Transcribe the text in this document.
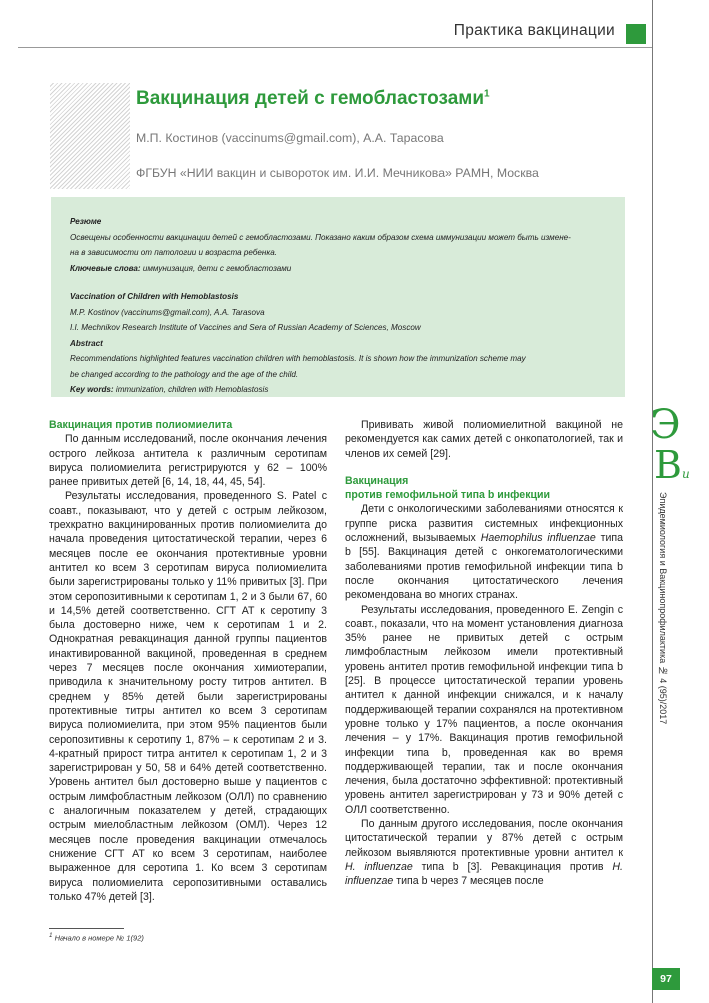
Практика вакцинации
Вакцинация детей с гемобластозами$^1$
М.П. Костинов (vaccinums@gmail.com), А.А. Тарасова
ФГБУН «НИИ вакцин и сывороток им. И.И. Мечникова» РАМН, Москва

Резюме

Освещены особенности вакцинации детей с гемобластозами. Показано каким образом схема иммунизации может быть измене-

на в зависимости от патологии и возраста ребенка.

Ключевые слова: иммунизация, дети с гемобластозами

Vaccination of Children with Hemoblastosis

M.P. Kostinov (vaccinums@gmail.com), A.A. Tarasova

I.I. Mechnikov Research Institute of Vaccines and Sera of Russian Academy of Sciences, Moscow

Abstract

Recommendations highlighted features vaccination children with hemoblastosis. It is shown how the immunization scheme may

be changed according to the pathology and the age of the child.

Key words: immunization, children with Hemoblastosis

Вакцинация против полиомиелита

По данным исследований, после окончания лечения острого лейкоза антитела к различным серотипам вируса полиомиелита регистрируются у 62 – 100% ранее привитых детей [6, 14, 18, 44, 45, 54].

Результаты исследования, проведенного S. Patel с соавт., показывают, что у детей с острым лейкозом, трехкратно вакцинированных против полиомиелита до начала проведения цитостатической терапии, через 6 месяцев после ее окончания протективные уровни антител ко всем 3 серотипам вируса полиомиелита были зарегистрированы только у 11% привитых [3]. При этом серопозитивными к серотипам 1, 2 и 3 были 67, 60 и 14,5% детей соответственно. СГТ АТ к серотипу 3 была достоверно ниже, чем к серотипам 1 и 2. Однократная ревакцинация данной группы пациентов инактивированной вакциной, проведенная в среднем через 7 месяцев после окончания химиотерапии, приводила к значительному росту титров антител. В среднем у 85% детей были зарегистрированы протективные титры антител ко всем 3 серотипам вируса полиомиелита, при этом 95% пациентов были серопозитивны к серотипу 1, 87% – к серотипам 2 и 3. 4-кратный прирост титра антител к серотипам 1, 2 и 3 зарегистрирован у 50, 58 и 64% детей соответственно. Уровень антител был достоверно выше у пациентов с острым лимфобластным лейкозом (ОЛЛ) по сравнению с аналогичным показателем у детей, страдающих острым миелобластным лейкозом (ОМЛ). Через 12 месяцев после проведения вакцинации отмечалось снижение СГТ АТ ко всем 3 серотипам, наиболее выраженное для серотипа 1. Ко всем 3 серотипам вируса полиомиелита серопозитивными оставались только 47% детей [3].

Прививать живой полиомиелитной вакциной не рекомендуется как самих детей с онкопатологией, так и членов их семей [29].

Вакцинация
против гемофильной типа b инфекции

Дети с онкологическими заболеваниями относятся к группе риска развития системных инфекционных осложнений, вызываемых Haemophilus influenzae типа b [55]. Вакцинация детей с онкогематологическими заболеваниями против гемофильной инфекции типа b после окончания цитостатического лечения рекомендована во многих странах.

Результаты исследования, проведенного E. Zengin с соавт., показали, что на момент установления диагноза 35% ранее не привитых детей с острым лимфобластным лейкозом имели протективный уровень антител против гемофильной инфекции типа b [25]. В процессе цитостатической терапии уровень антител к данной инфекции снижался, и к началу поддерживающей терапии сохранялся на протективном уровне только у 17% пациентов, а после окончания лечения – у 17%. Вакцинация против гемофильной инфекции типа b, проведенная как во время поддерживающей терапии, так и после окончания лечения, была достаточно эффективной: протективный уровень антител зарегистрирован у 73 и 90% детей с ОЛЛ соответственно.

По данным другого исследования, после окончания цитостатической терапии у 87% детей с острым лейкозом выявляются протективные уровни антител к H. influenzae типа b [3]. Ревакцинация против H. influenzae типа b через 7 месяцев после

Э
Ви
Эпидемиология и Вакцинопрофилактика № 4 (95)/2017
$^1$ Начало в номере № 1(92)
97
